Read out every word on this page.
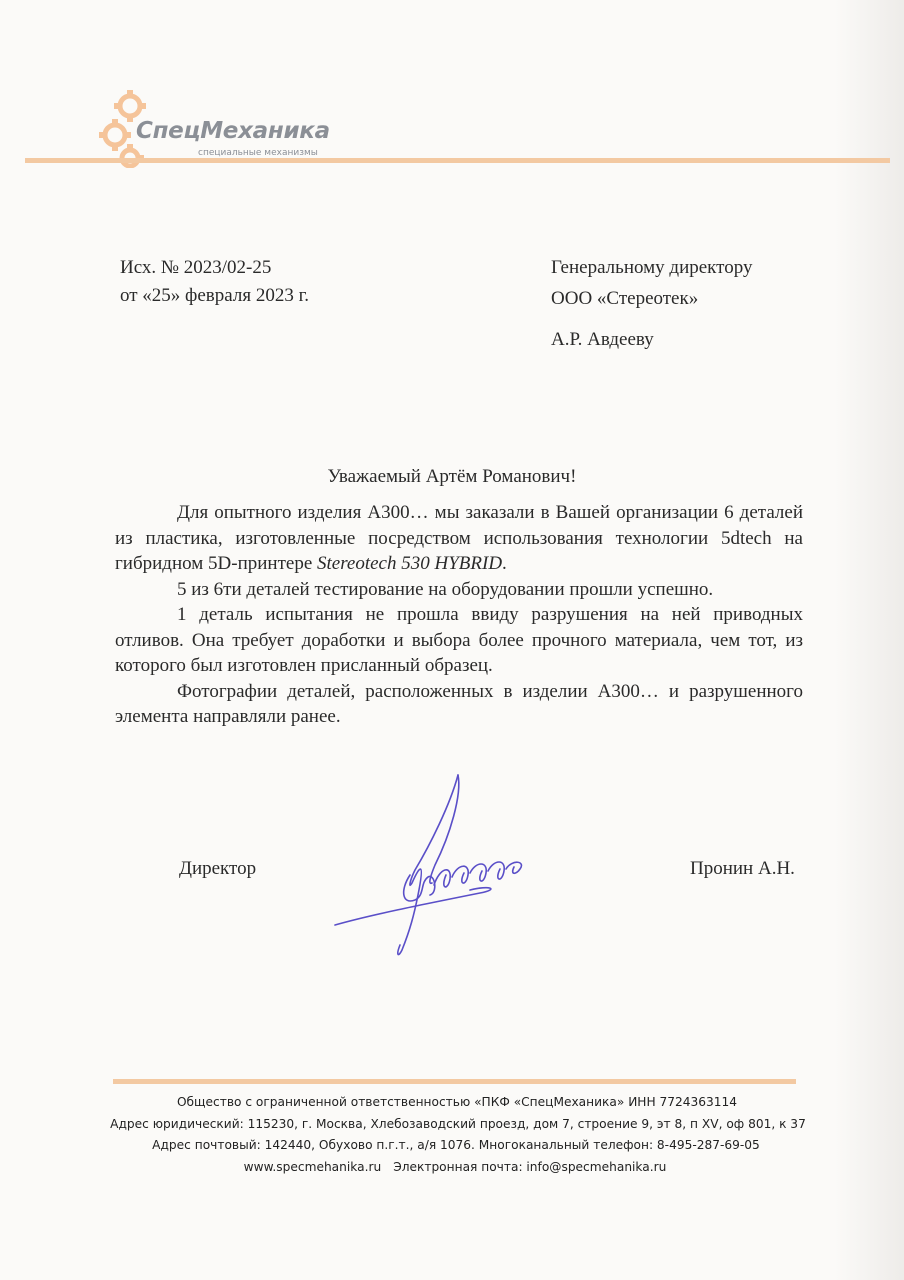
СпецМеханика
специальные механизмы
Исх. № 2023/02-25
от «25» февраля 2023 г.
Генеральному директору
ООО «Стереотек»
А.Р. Авдееву
Уважаемый Артём Романович!

Для опытного изделия А300… мы заказали в Вашей организации 6 деталей из пластика, изготовленные посредством использования технологии 5dtech на гибридном 5D-принтере Stereotech 530 HYBRID.

5 из 6ти деталей тестирование на оборудовании прошли успешно.

1 деталь испытания не прошла ввиду разрушения на ней приводных отливов. Она требует доработки и выбора более прочного материала, чем тот, из которого был изготовлен присланный образец.

Фотографии деталей, расположенных в изделии А300… и разрушенного элемента направляли ранее.

Директор	Пронин А.Н.
Общество с ограниченной ответственностью «ПКФ «СпецМеханика» ИНН 7724363114
Адрес юридический: 115230, г. Москва, Хлебозаводский проезд, дом 7, строение 9, эт 8, п XV, оф 801, к 37
Адрес почтовый: 142440, Обухово п.г.т., а/я 1076. Многоканальный телефон: 8-495-287-69-05
www.specmehanika.ru Электронная почта: info@specmehanika.ru
